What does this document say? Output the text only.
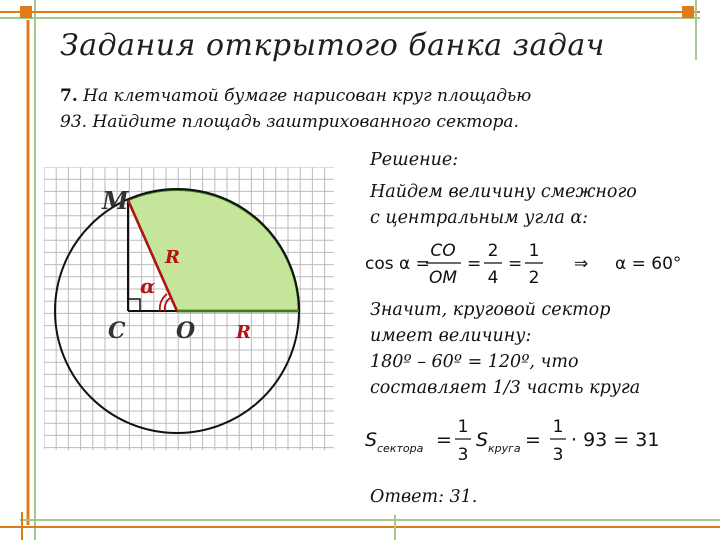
Задания открытого банка задач
7. На клетчатой бумаге нарисован круг площадью
93. Найдите площадь заштрихованного сектора.
M
C O
R
R
α
Решение:
Найдем величину смежного
с центральным угла α:
cos α =
CO
OM
=
2
4
=
1
2
⇒ α = 60°
Значит, круговой сектор
имеет величину:
180º – 60º = 120º, что
составляет 1/3 часть круга
S сектора =
1
3
S круга =
1
3
· 93 = 31
Ответ: 31.
